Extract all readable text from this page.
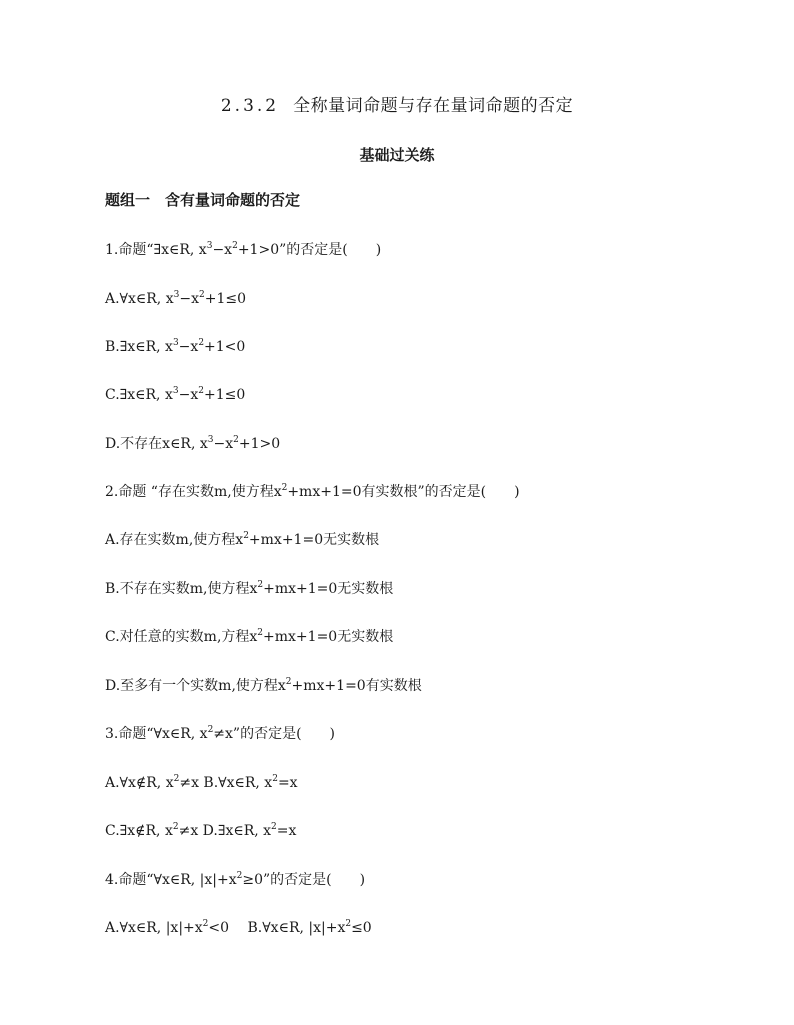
2.3.2 全称量词命题与存在量词命题的否定
基础过关练
题组一　含有量词命题的否定
1.命题“∃x∈R, $x^3-x^2+1>0$”的否定是(　　)
A.∀x∈R, $x^3-x^2+1\le 0$
B.∃x∈R, $x^3-x^2+1<0$
C.∃x∈R, $x^3-x^2+1\le 0$
D.不存在x∈R, $x^3-x^2+1>0$
2.命题 “存在实数m,使方程$x^2+mx+1=0$有实数根”的否定是(　　)
A.存在实数m,使方程$x^2+mx+1=0$无实数根
B.不存在实数m,使方程$x^2+mx+1=0$无实数根
C.对任意的实数m,方程$x^2+mx+1=0$无实数根
D.至多有一个实数m,使方程$x^2+mx+1=0$有实数根
3.命题“∀x∈R, $x^2\ne x$”的否定是(　　)
A.∀x∉R, $x^2\ne x$ B.∀x∈R, $x^2=x$
C.∃x∉R, $x^2\ne x$ D.∃x∈R, $x^2=x$
4.命题“∀x∈R, $|x|+x^2\ge 0$”的否定是(　　)
A.∀x∈R, $|x|+x^2<0$　 B.∀x∈R, $|x|+x^2\le 0$
